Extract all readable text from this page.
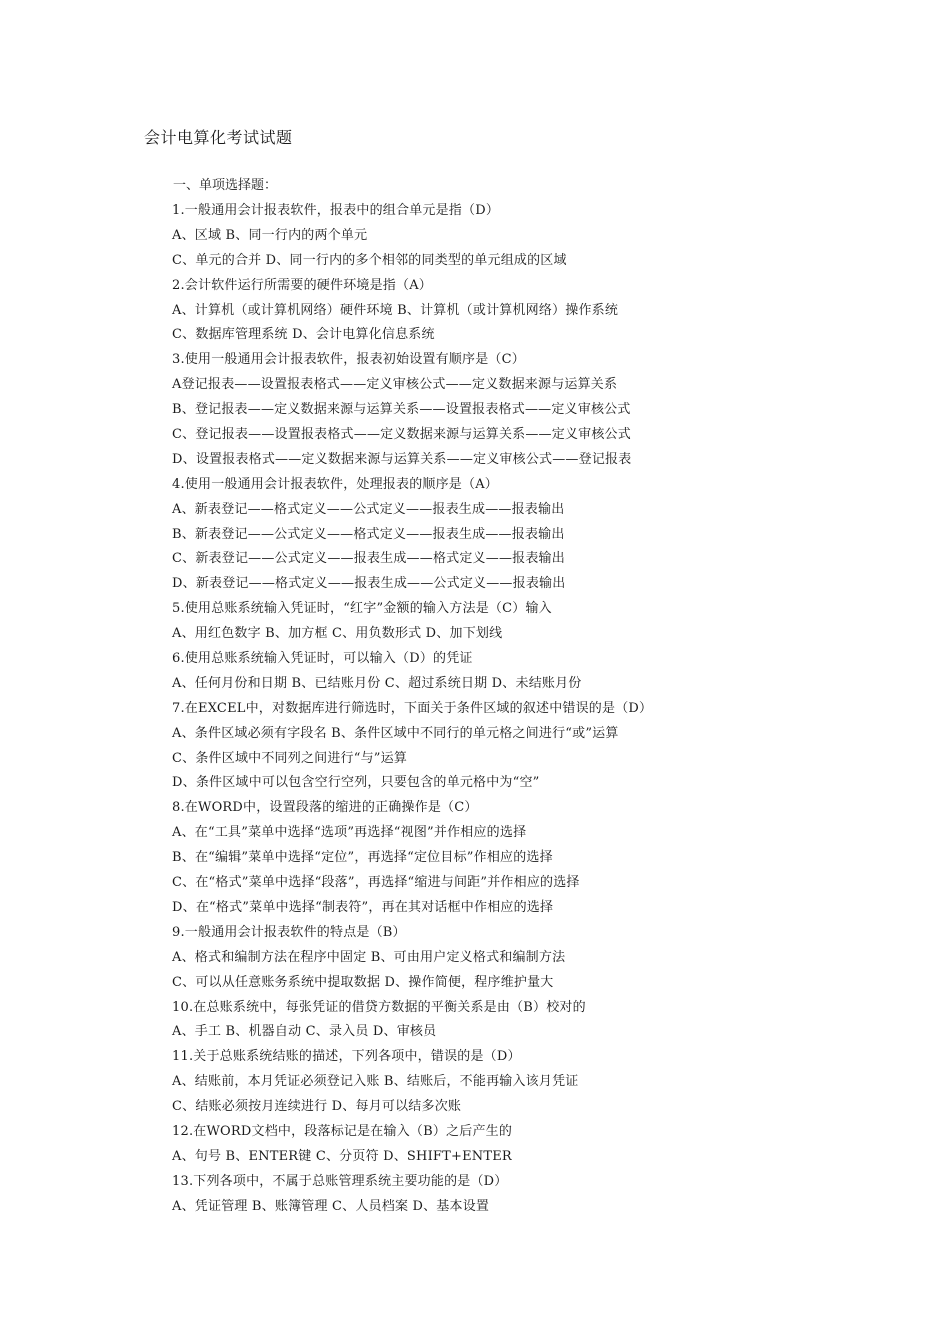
会计电算化考试试题
一、单项选择题：
1.一般通用会计报表软件，报表中的组合单元是指（D）
A、区域 B、同一行内的两个单元
C、单元的合并 D、同一行内的多个相邻的同类型的单元组成的区域
2.会计软件运行所需要的硬件环境是指（A）
A、计算机（或计算机网络）硬件环境 B、计算机（或计算机网络）操作系统
C、数据库管理系统 D、会计电算化信息系统
3.使用一般通用会计报表软件，报表初始设置有顺序是（C）
A登记报表——设置报表格式——定义审核公式——定义数据来源与运算关系
B、登记报表——定义数据来源与运算关系——设置报表格式——定义审核公式
C、登记报表——设置报表格式——定义数据来源与运算关系——定义审核公式
D、设置报表格式——定义数据来源与运算关系——定义审核公式——登记报表
4.使用一般通用会计报表软件，处理报表的顺序是（A）
A、新表登记——格式定义——公式定义——报表生成——报表输出
B、新表登记——公式定义——格式定义——报表生成——报表输出
C、新表登记——公式定义——报表生成——格式定义——报表输出
D、新表登记——格式定义——报表生成——公式定义——报表输出
5.使用总账系统输入凭证时，“红字”金额的输入方法是（C）输入
A、用红色数字 B、加方框 C、用负数形式 D、加下划线
6.使用总账系统输入凭证时，可以输入（D）的凭证
A、任何月份和日期 B、已结账月份 C、超过系统日期 D、未结账月份
7.在EXCEL中，对数据库进行筛选时，下面关于条件区域的叙述中错误的是（D）
A、条件区域必须有字段名 B、条件区域中不同行的单元格之间进行“或”运算
C、条件区域中不同列之间进行“与”运算
D、条件区域中可以包含空行空列，只要包含的单元格中为“空”
8.在WORD中，设置段落的缩进的正确操作是（C）
A、在“工具”菜单中选择“选项”再选择“视图”并作相应的选择
B、在“编辑”菜单中选择“定位”，再选择“定位目标”作相应的选择
C、在“格式”菜单中选择“段落”，再选择“缩进与间距”并作相应的选择
D、在“格式”菜单中选择“制表符”，再在其对话框中作相应的选择
9.一般通用会计报表软件的特点是（B）
A、格式和编制方法在程序中固定 B、可由用户定义格式和编制方法
C、可以从任意账务系统中提取数据 D、操作简便，程序维护量大
10.在总账系统中，每张凭证的借贷方数据的平衡关系是由（B）校对的
A、手工 B、机器自动 C、录入员 D、审核员
11.关于总账系统结账的描述，下列各项中，错误的是（D）
A、结账前，本月凭证必须登记入账 B、结账后，不能再输入该月凭证
C、结账必须按月连续进行 D、每月可以结多次账
12.在WORD文档中，段落标记是在输入（B）之后产生的
A、句号 B、ENTER键 C、分页符 D、SHIFT+ENTER
13.下列各项中，不属于总账管理系统主要功能的是（D）
A、凭证管理 B、账簿管理 C、人员档案 D、基本设置
